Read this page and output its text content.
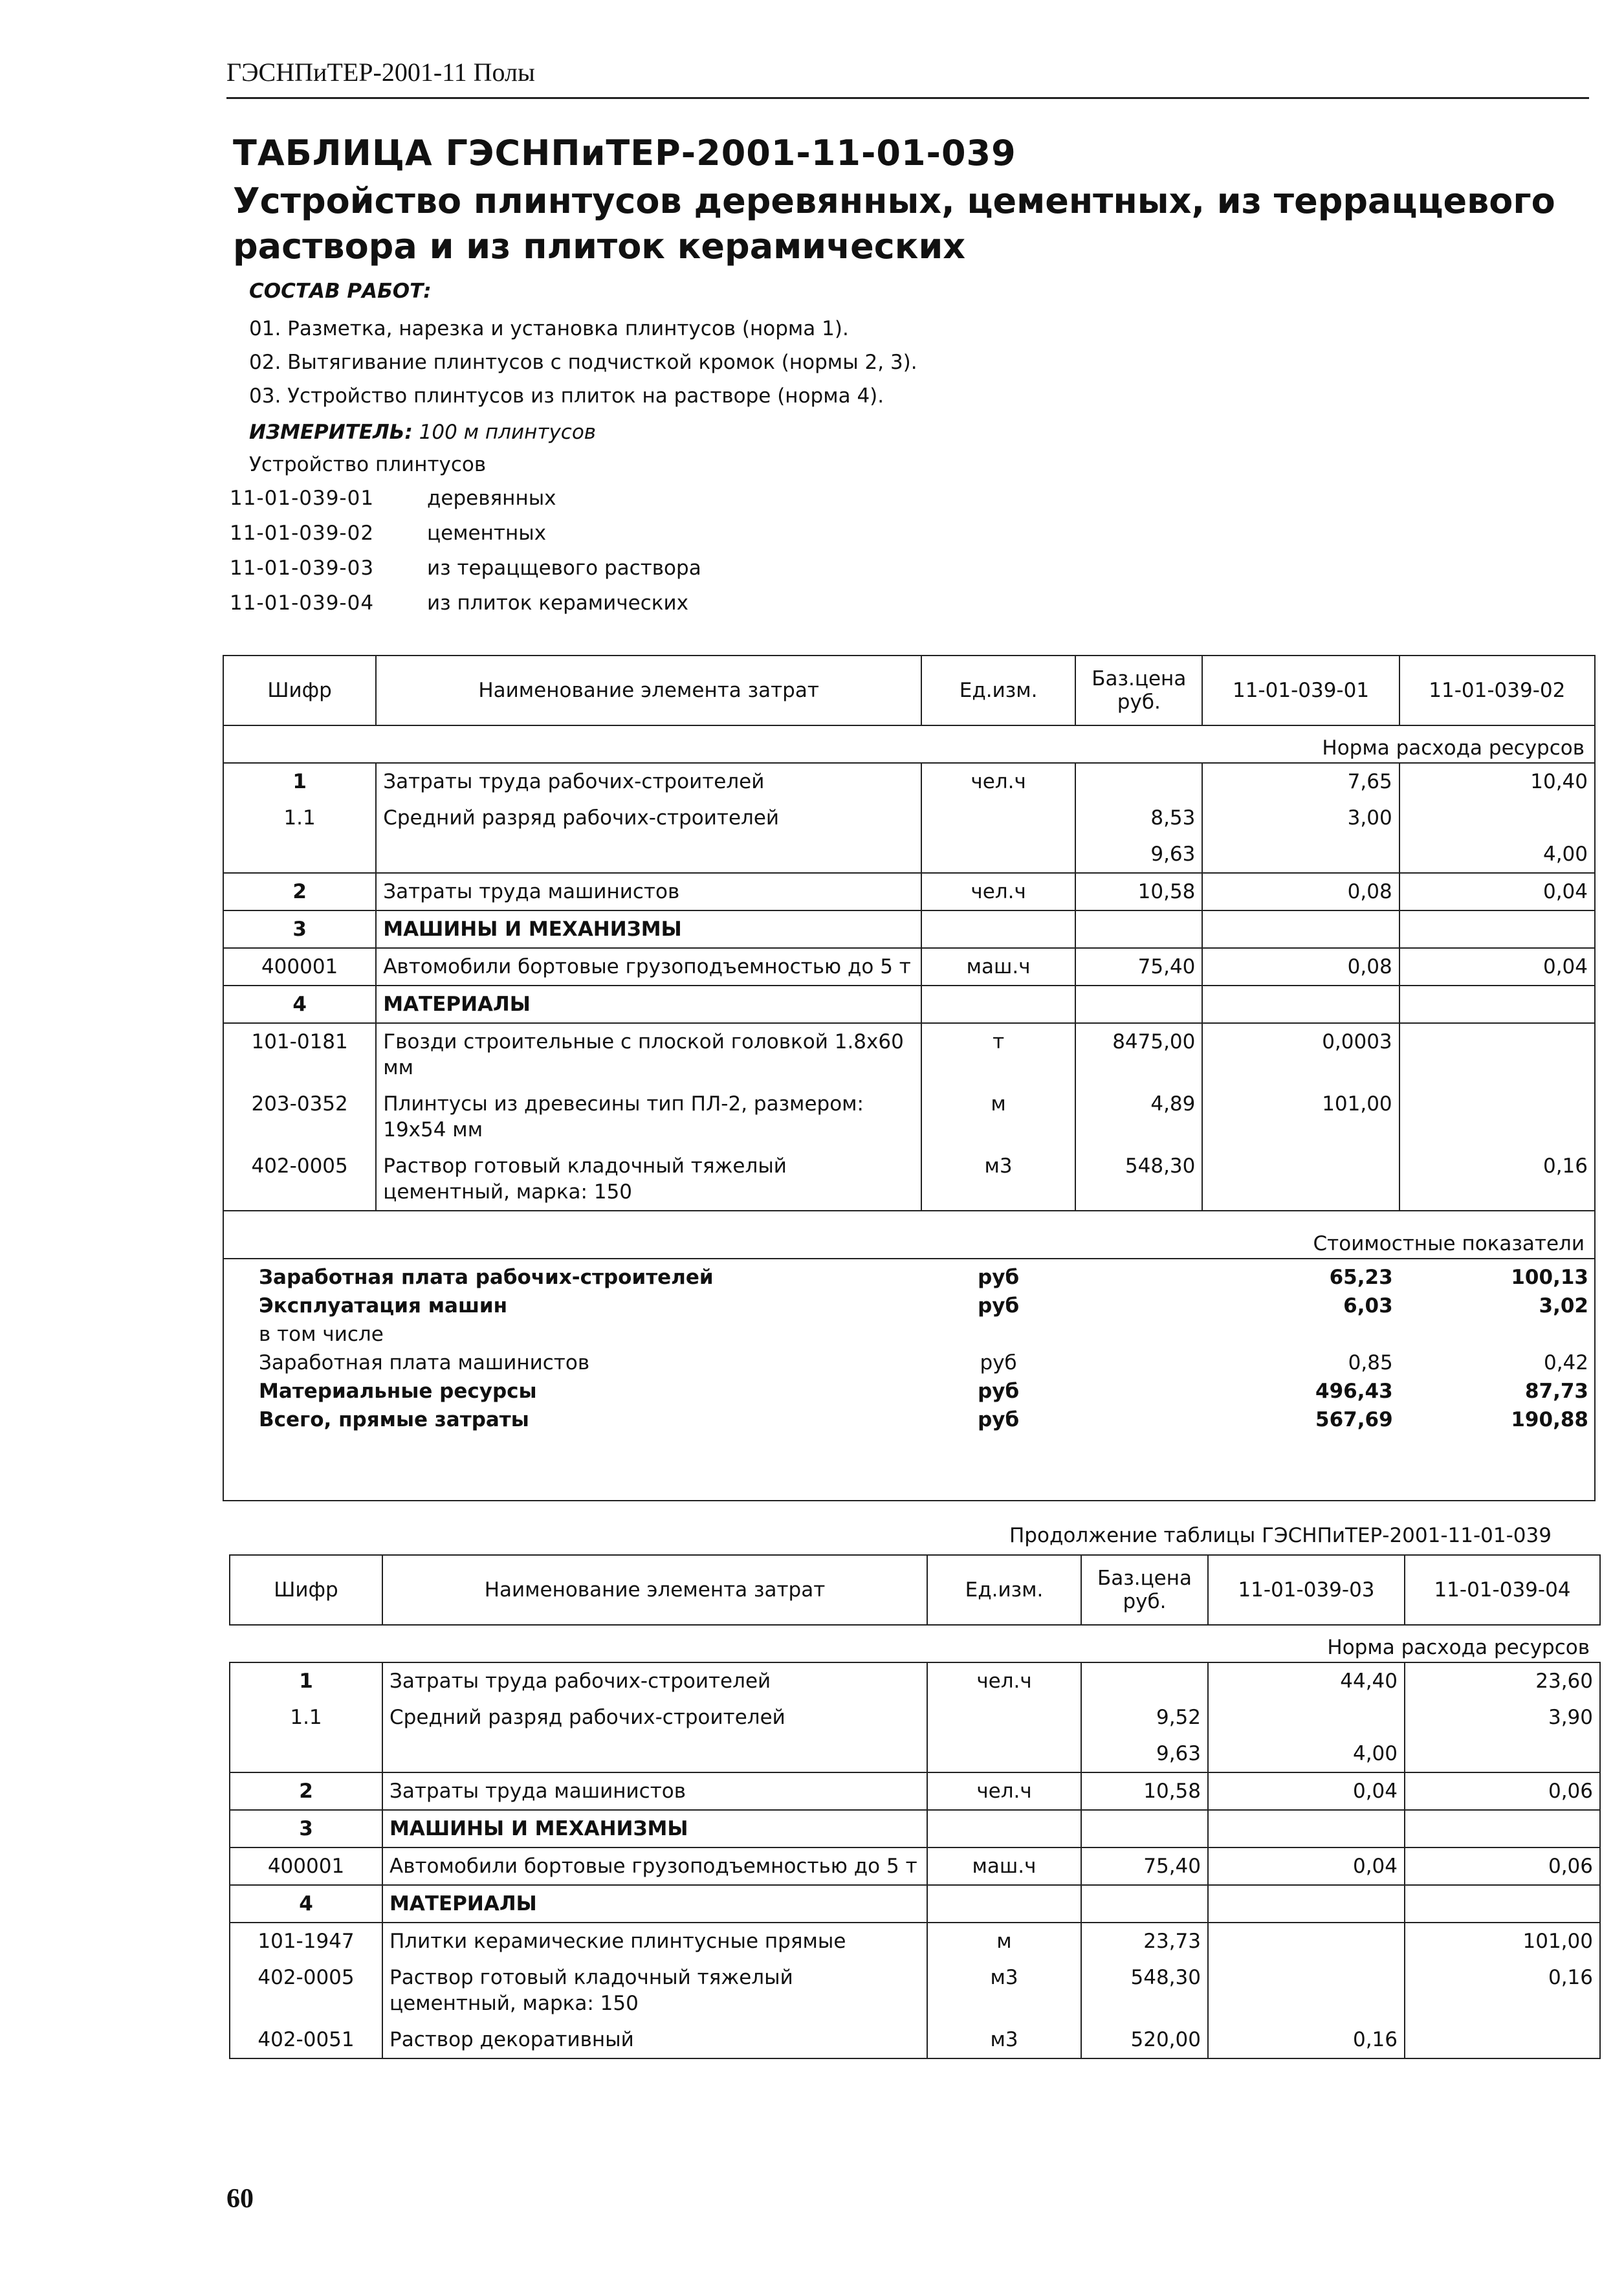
ГЭСНПиТЕР-2001-11 Полы
ТАБЛИЦА ГЭСНПиТЕР-2001-11-01-039
Устройство плинтусов деревянных, цементных, из терраццевого раствора и из плиток керамических
СОСТАВ РАБОТ:
01. Разметка, нарезка и установка плинтусов (норма 1).
02. Вытягивание плинтусов с подчисткой кромок (нормы 2, 3).
03. Устройство плинтусов из плиток на растворе (норма 4).
ИЗМЕРИТЕЛЬ: 100 м плинтусов
Устройство плинтусов
11-01-039-01	деревянных
11-01-039-02	цементных
11-01-039-03	из терацщевого раствора
11-01-039-04	из плиток керамических
Шифр	Наименование элемента затрат	Ед.изм.	Баз.цена руб.	11-01-039-01	11-01-039-02
Норма расхода ресурсов					
1	Затраты труда рабочих-строителей	чел.ч		7,65	10,40
1.1	Средний разряд рабочих-строителей		8,53	3,00	
			9,63		4,00
2	Затраты труда машинистов	чел.ч	10,58	0,08	0,04
3	МАШИНЫ И МЕХАНИЗМЫ				
400001	Автомобили бортовые грузоподъемностью до 5 т	маш.ч	75,40	0,08	0,04
4	МАТЕРИАЛЫ				
101-0181	Гвозди строительные с плоской головкой 1.8х60 мм	т	8475,00	0,0003	
203-0352	Плинтусы из древесины тип ПЛ-2, размером: 19х54 мм	м	4,89	101,00	
402-0005	Раствор готовый кладочный тяжелый цементный, марка: 150	м3	548,30		0,16
Стоимостные показатели					
Заработная плата рабочих-строителей		руб		65,23	100,13
Эксплуатация машин		руб		6,03	3,02
в том числе					
Заработная плата машинистов		руб		0,85	0,42
Материальные ресурсы		руб		496,43	87,73
Всего, прямые затраты		руб		567,69	190,88
Продолжение таблицы ГЭСНПиТЕР-2001-11-01-039
Шифр	Наименование элемента затрат	Ед.изм.	Баз.цена руб.	11-01-039-03	11-01-039-04
Норма расхода ресурсов					
1	Затраты труда рабочих-строителей	чел.ч		44,40	23,60
1.1	Средний разряд рабочих-строителей		9,52		3,90
			9,63	4,00	
2	Затраты труда машинистов	чел.ч	10,58	0,04	0,06
3	МАШИНЫ И МЕХАНИЗМЫ				
400001	Автомобили бортовые грузоподъемностью до 5 т	маш.ч	75,40	0,04	0,06
4	МАТЕРИАЛЫ				
101-1947	Плитки керамические плинтусные прямые	м	23,73		101,00
402-0005	Раствор готовый кладочный тяжелый цементный, марка: 150	м3	548,30		0,16
402-0051	Раствор декоративный	м3	520,00	0,16	
60
